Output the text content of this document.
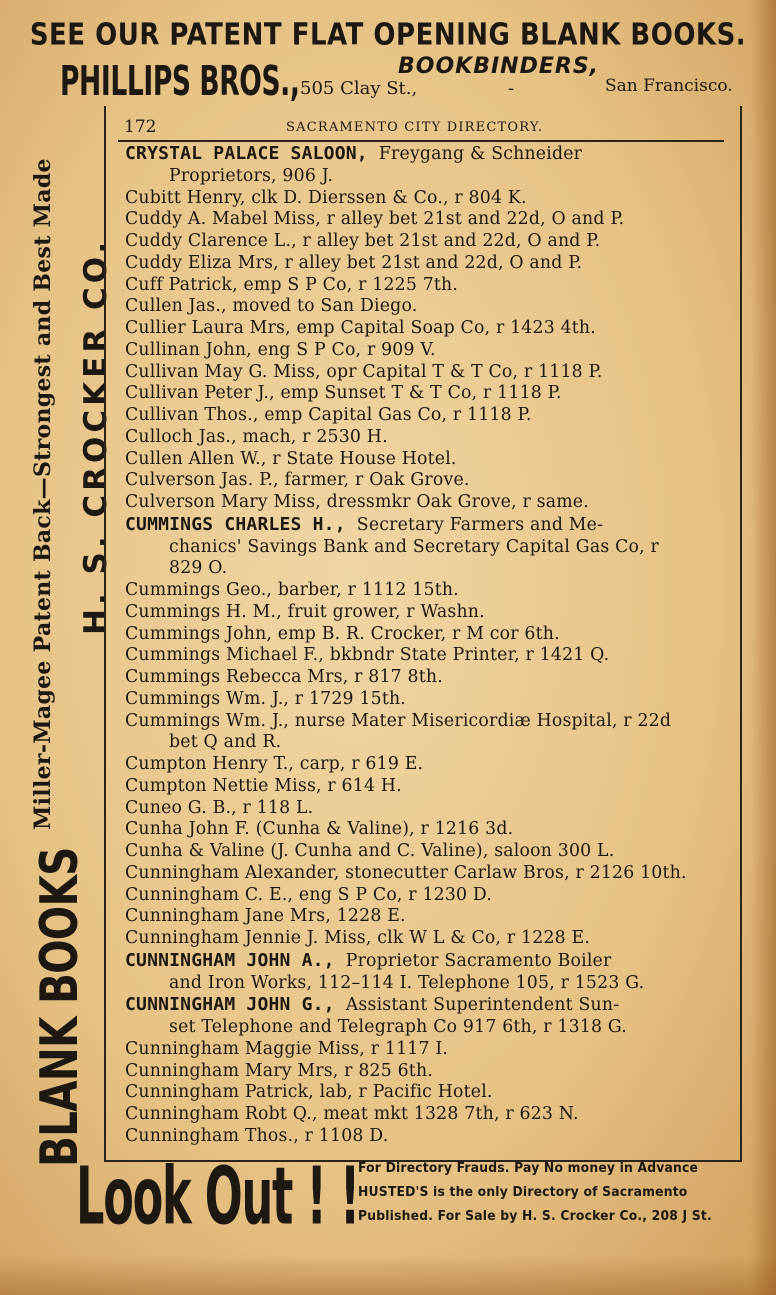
SEE OUR PATENT FLAT OPENING BLANK BOOKS.
PHILLIPS BROS.,	BOOKBINDERS,
505 Clay St.,	-	San Francisco.
BLANK BOOKS
Miller-Magee Patent Back—Strongest and Best Made H. S. CROCKER CO.
172	SACRAMENTO CITY DIRECTORY.
CRYSTAL PALACE SALOON, Freygang & Schneider
Proprietors, 906 J.
Cubitt Henry, clk D. Dierssen & Co., r 804 K.
Cuddy A. Mabel Miss, r alley bet 21st and 22d, O and P.
Cuddy Clarence L., r alley bet 21st and 22d, O and P.
Cuddy Eliza Mrs, r alley bet 21st and 22d, O and P.
Cuff Patrick, emp S P Co, r 1225 7th.
Cullen Jas., moved to San Diego.
Cullier Laura Mrs, emp Capital Soap Co, r 1423 4th.
Cullinan John, eng S P Co, r 909 V.
Cullivan May G. Miss, opr Capital T & T Co, r 1118 P.
Cullivan Peter J., emp Sunset T & T Co, r 1118 P.
Cullivan Thos., emp Capital Gas Co, r 1118 P.
Culloch Jas., mach, r 2530 H.
Cullen Allen W., r State House Hotel.
Culverson Jas. P., farmer, r Oak Grove.
Culverson Mary Miss, dressmkr Oak Grove, r same.
CUMMINGS CHARLES H., Secretary Farmers and Me-
chanics' Savings Bank and Secretary Capital Gas Co, r
829 O.
Cummings Geo., barber, r 1112 15th.
Cummings H. M., fruit grower, r Washn.
Cummings John, emp B. R. Crocker, r M cor 6th.
Cummings Michael F., bkbndr State Printer, r 1421 Q.
Cummings Rebecca Mrs, r 817 8th.
Cummings Wm. J., r 1729 15th.
Cummings Wm. J., nurse Mater Misericordiæ Hospital, r 22d
bet Q and R.
Cumpton Henry T., carp, r 619 E.
Cumpton Nettie Miss, r 614 H.
Cuneo G. B., r 118 L.
Cunha John F. (Cunha & Valine), r 1216 3d.
Cunha & Valine (J. Cunha and C. Valine), saloon 300 L.
Cunningham Alexander, stonecutter Carlaw Bros, r 2126 10th.
Cunningham C. E., eng S P Co, r 1230 D.
Cunningham Jane Mrs, 1228 E.
Cunningham Jennie J. Miss, clk W L & Co, r 1228 E.
CUNNINGHAM JOHN A., Proprietor Sacramento Boiler
and Iron Works, 112–114 I. Telephone 105, r 1523 G.
CUNNINGHAM JOHN G., Assistant Superintendent Sun-
set Telephone and Telegraph Co 917 6th, r 1318 G.
Cunningham Maggie Miss, r 1117 I.
Cunningham Mary Mrs, r 825 6th.
Cunningham Patrick, lab, r Pacific Hotel.
Cunningham Robt Q., meat mkt 1328 7th, r 623 N.
Cunningham Thos., r 1108 D.
Look Out ! !
For Directory Frauds. Pay No money in Advance
HUSTED'S is the only Directory of Sacramento
Published. For Sale by H. S. Crocker Co., 208 J St.
